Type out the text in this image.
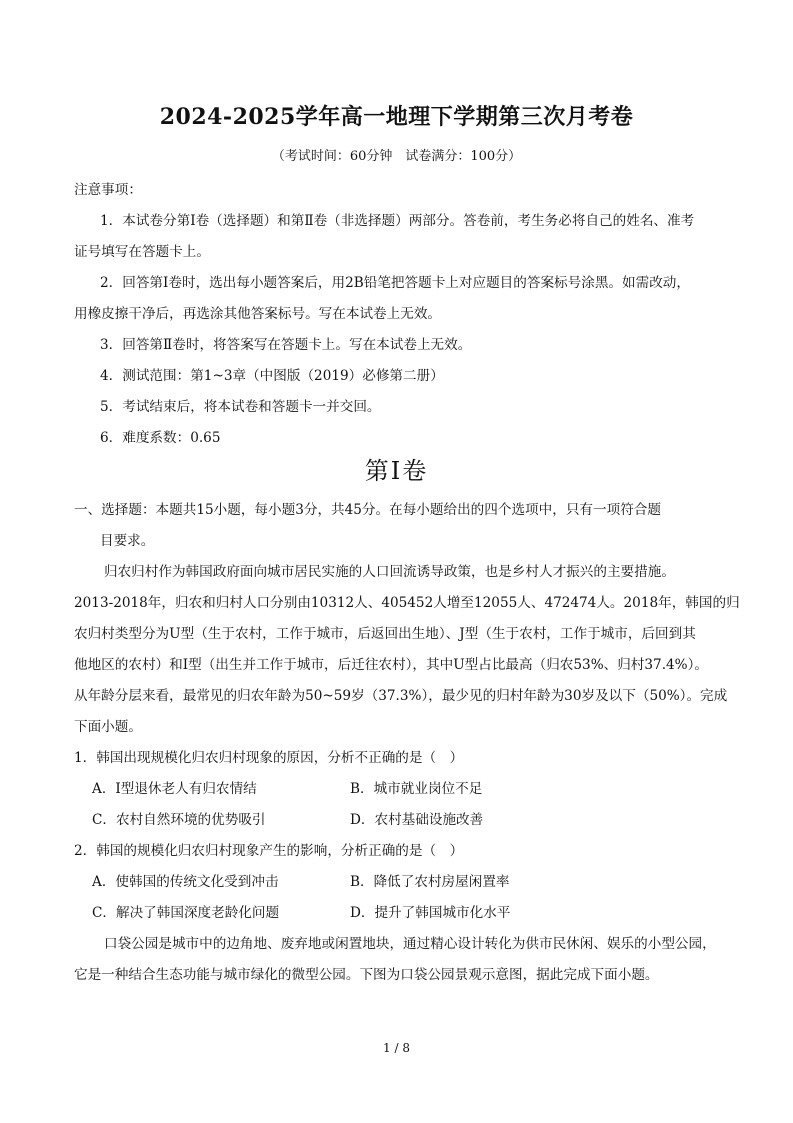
2024-2025学年高一地理下学期第三次月考卷
（考试时间：60分钟　试卷满分：100分）
注意事项：
1．本试卷分第Ⅰ卷（选择题）和第Ⅱ卷（非选择题）两部分。答卷前，考生务必将自己的姓名、准考
证号填写在答题卡上。
2．回答第Ⅰ卷时，选出每小题答案后，用2B铅笔把答题卡上对应题目的答案标号涂黑。如需改动，
用橡皮擦干净后，再选涂其他答案标号。写在本试卷上无效。
3．回答第Ⅱ卷时，将答案写在答题卡上。写在本试卷上无效。
4．测试范围：第1~3章（中图版（2019）必修第二册）
5．考试结束后，将本试卷和答题卡一并交回。
6．难度系数：0.65
第Ⅰ卷
一、选择题：本题共15小题，每小题3分，共45分。在每小题给出的四个选项中，只有一项符合题
目要求。
归农归村作为韩国政府面向城市居民实施的人口回流诱导政策，也是乡村人才振兴的主要措施。
2013-2018年，归农和归村人口分别由10312人、405452人增至12055人、472474人。2018年，韩国的归
农归村类型分为U型（生于农村，工作于城市，后返回出生地）、J型（生于农村，工作于城市，后回到其
他地区的农村）和I型（出生并工作于城市，后迁往农村），其中U型占比最高（归农53%、归村37.4%）。
从年龄分层来看，最常见的归农年龄为50~59岁（37.3%），最少见的归村年龄为30岁及以下（50%）。完成
下面小题。
1．韩国出现规模化归农归村现象的原因，分析不正确的是（　）
A．I型退休老人有归农情结	B．城市就业岗位不足
C．农村自然环境的优势吸引	D．农村基础设施改善
2．韩国的规模化归农归村现象产生的影响，分析正确的是（　）
A．使韩国的传统文化受到冲击	B．降低了农村房屋闲置率
C．解决了韩国深度老龄化问题	D．提升了韩国城市化水平
口袋公园是城市中的边角地、废弃地或闲置地块，通过精心设计转化为供市民休闲、娱乐的小型公园，
它是一种结合生态功能与城市绿化的微型公园。下图为口袋公园景观示意图，据此完成下面小题。
1 / 8
